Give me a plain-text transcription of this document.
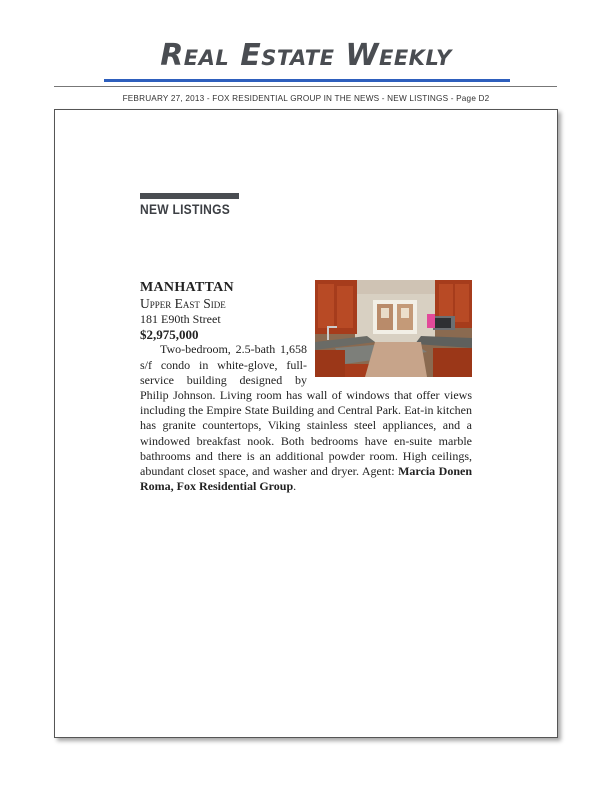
Real Estate Weekly
FEBRUARY 27, 2013 - FOX RESIDENTIAL GROUP IN THE NEWS - NEW LISTINGS - Page D2
NEW LISTINGS
MANHATTAN
Upper East Side
181 E90th Street
$2,975,000

Two-bedroom, 2.5-bath 1,658 s/f condo in white-glove, full-service building designed by Philip Johnson. Living room has wall of windows that offer views including the Empire State Building and Central Park. Eat-in kitchen has granite countertops, Viking stainless steel appliances, and a windowed breakfast nook. Both bedrooms have en-suite marble bathrooms and there is an additional powder room. High ceilings, abundant closet space, and washer and dryer. Agent: Marcia Donen Roma, Fox Residential Group.
